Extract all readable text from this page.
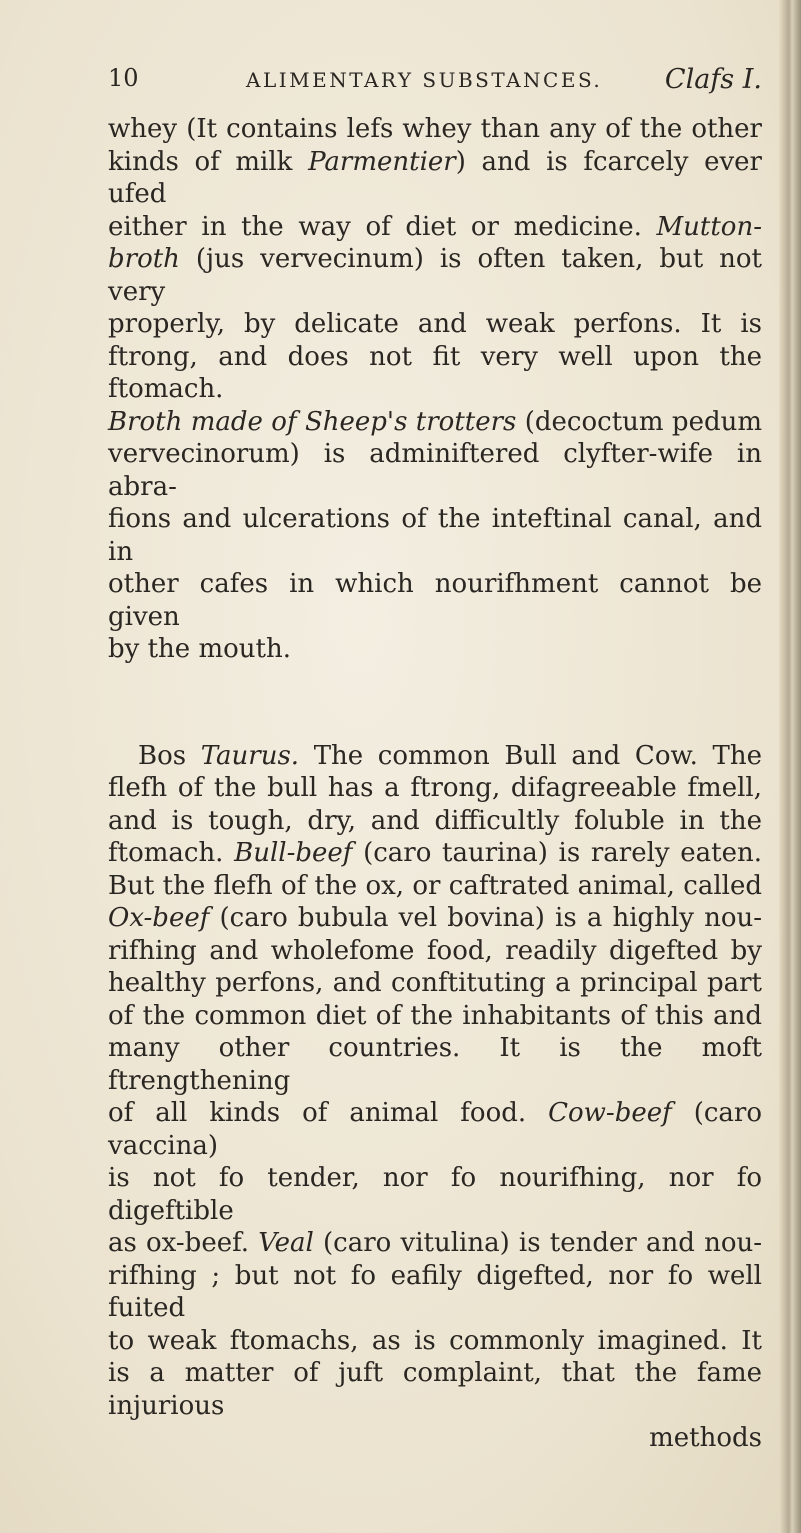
10	ALIMENTARY SUBSTANCES. Clafs I.
whey (It contains lefs whey than any of the other
kinds of milk Parmentier) and is fcarcely ever ufed
either in the way of diet or medicine. Mutton-
broth (jus vervecinum) is often taken, but not very
properly, by delicate and weak perfons. It is
ftrong, and does not fit very well upon the ftomach.
Broth made of Sheep's trotters (decoctum pedum
vervecinorum) is adminiftered clyfter-wife in abra-
fions and ulcerations of the inteftinal canal, and in
other cafes in which nourifhment cannot be given
by the mouth.
Bos Taurus. The common Bull and Cow. The
flefh of the bull has a ftrong, difagreeable fmell,
and is tough, dry, and difficultly foluble in the
ftomach. Bull-beef (caro taurina) is rarely eaten.
But the flefh of the ox, or caftrated animal, called
Ox-beef (caro bubula vel bovina) is a highly nou-
rifhing and wholefome food, readily digefted by
healthy perfons, and conftituting a principal part
of the common diet of the inhabitants of this and
many other countries. It is the moft ftrengthening
of all kinds of animal food. Cow-beef (caro vaccina)
is not fo tender, nor fo nourifhing, nor fo digeftible
as ox-beef. Veal (caro vitulina) is tender and nou-
rifhing ; but not fo eafily digefted, nor fo well fuited
to weak ftomachs, as is commonly imagined. It
is a matter of juft complaint, that the fame injurious
methods
